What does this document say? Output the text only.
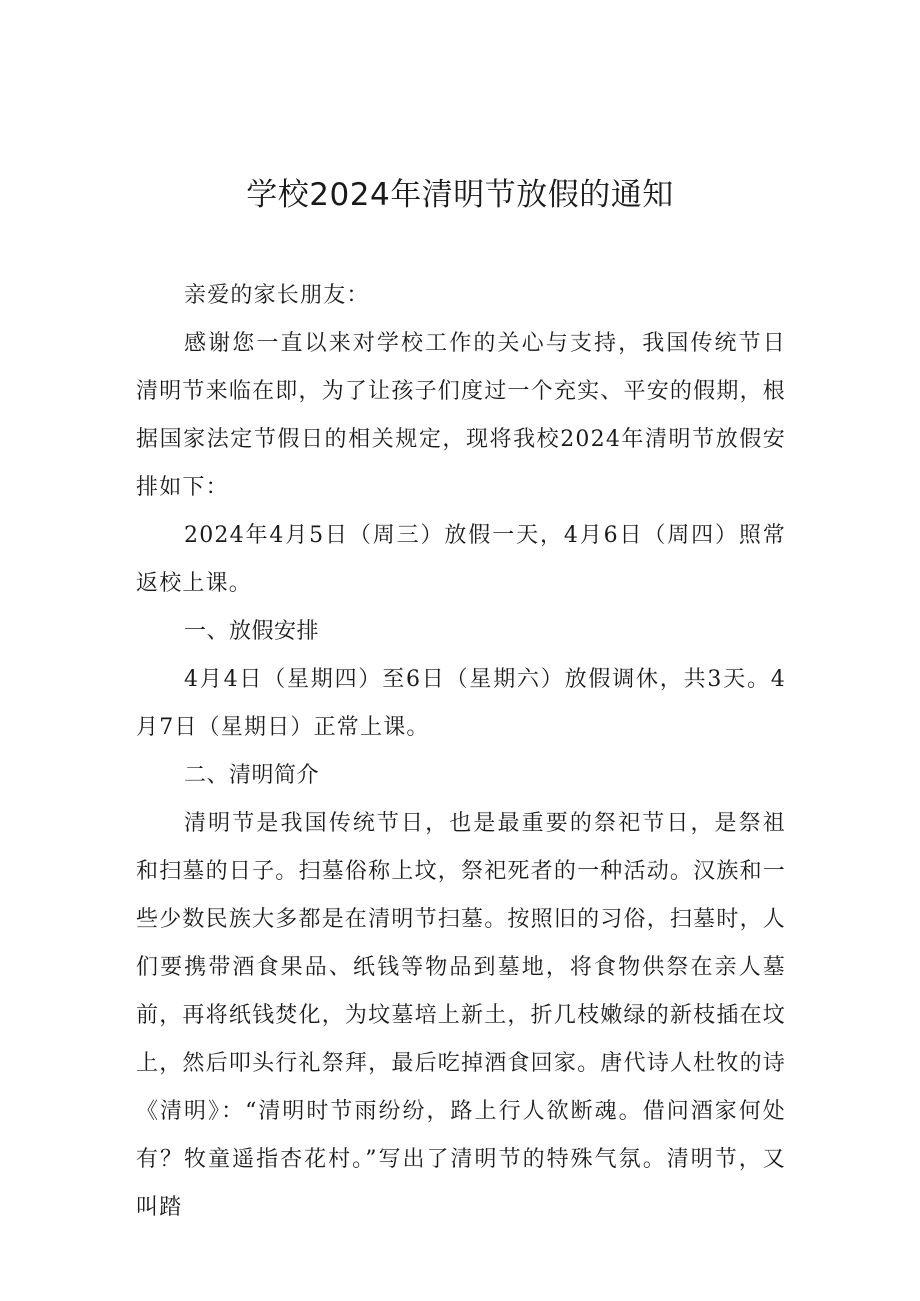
学校2024年清明节放假的通知

亲爱的家长朋友：

感谢您一直以来对学校工作的关心与支持，我国传统节日清明节来临在即，为了让孩子们度过一个充实、平安的假期，根据国家法定节假日的相关规定，现将我校2024年清明节放假安排如下：

2024年4月5日（周三）放假一天，4月6日（周四）照常返校上课。

一、放假安排

4月4日（星期四）至6日（星期六）放假调休，共3天。4月7日（星期日）正常上课。

二、清明简介

清明节是我国传统节日，也是最重要的祭祀节日，是祭祖和扫墓的日子。扫墓俗称上坟，祭祀死者的一种活动。汉族和一些少数民族大多都是在清明节扫墓。按照旧的习俗，扫墓时，人们要携带酒食果品、纸钱等物品到墓地，将食物供祭在亲人墓前，再将纸钱焚化，为坟墓培上新土，折几枝嫩绿的新枝插在坟上，然后叩头行礼祭拜，最后吃掉酒食回家。唐代诗人杜牧的诗《清明》：“清明时节雨纷纷，路上行人欲断魂。借问酒家何处有？牧童遥指杏花村。”写出了清明节的特殊气氛。清明节，又叫踏
